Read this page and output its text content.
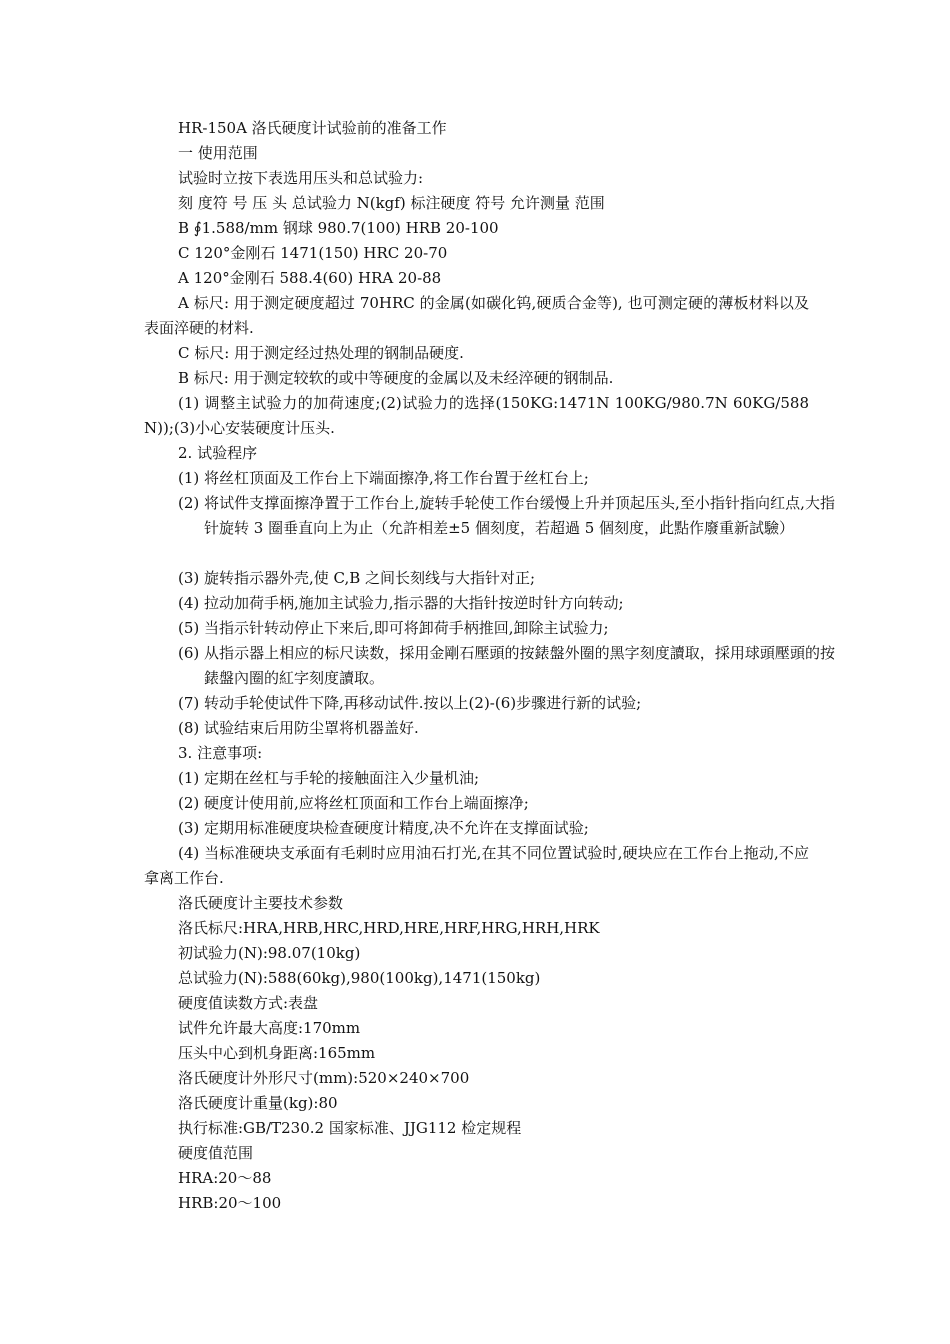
HR-150A 洛氏硬度计试验前的准备工作
一 使用范围
试验时立按下表选用压头和总试验力:
刻 度符 号 压 头 总试验力 N(kgf) 标注硬度 符号 允许测量 范围
B ∮1.588/mm 钢球 980.7(100) HRB 20-100
C 120°金刚石 1471(150) HRC 20-70
A 120°金刚石 588.4(60) HRA 20-88
A 标尺: 用于测定硬度超过 70HRC 的金属(如碳化钨,硬质合金等), 也可测定硬的薄板材料以及表面淬硬的材料.
C 标尺: 用于测定经过热处理的钢制品硬度.
B 标尺: 用于测定较软的或中等硬度的金属以及未经淬硬的钢制品.
(1) 调整主试验力的加荷速度;(2)试验力的选择(150KG:1471N 100KG/980.7N 60KG/588N));(3)小心安装硬度计压头.
2. 试验程序
(1) 将丝杠顶面及工作台上下端面擦净,将工作台置于丝杠台上;
(2) 将试件支撑面擦净置于工作台上,旋转手轮使工作台缓慢上升并顶起压头,至小指针指向红点,大指针旋转 3 圈垂直向上为止（允許相差±5 個刻度，若超過 5 個刻度，此點作廢重新試驗）
(3) 旋转指示器外壳,使 C,B 之间长刻线与大指针对正;
(4) 拉动加荷手柄,施加主试验力,指示器的大指针按逆时针方向转动;
(5) 当指示针转动停止下来后,即可将卸荷手柄推回,卸除主试验力;
(6) 从指示器上相应的标尺读数，採用金剛石壓頭的按錶盤外圈的黑字刻度讀取，採用球頭壓頭的按錶盤內圈的紅字刻度讀取。
(7) 转动手轮使试件下降,再移动试件.按以上(2)-(6)步骤进行新的试验;
(8) 试验结束后用防尘罩将机器盖好.
3. 注意事项:
(1) 定期在丝杠与手轮的接触面注入少量机油;
(2) 硬度计使用前,应将丝杠顶面和工作台上端面擦净;
(3) 定期用标准硬度块检查硬度计精度,决不允许在支撑面试验;
(4) 当标准硬块支承面有毛刺时应用油石打光,在其不同位置试验时,硬块应在工作台上拖动,不应拿离工作台.
洛氏硬度计主要技术参数
洛氏标尺:HRA,HRB,HRC,HRD,HRE,HRF,HRG,HRH,HRK
初试验力(N):98.07(10kg)
总试验力(N):588(60kg),980(100kg),1471(150kg)
硬度值读数方式:表盘
试件允许最大高度:170mm
压头中心到机身距离:165mm
洛氏硬度计外形尺寸(mm):520×240×700
洛氏硬度计重量(kg):80
执行标准:GB/T230.2 国家标准、JJG112 检定规程
硬度值范围
HRA:20～88
HRB:20～100
